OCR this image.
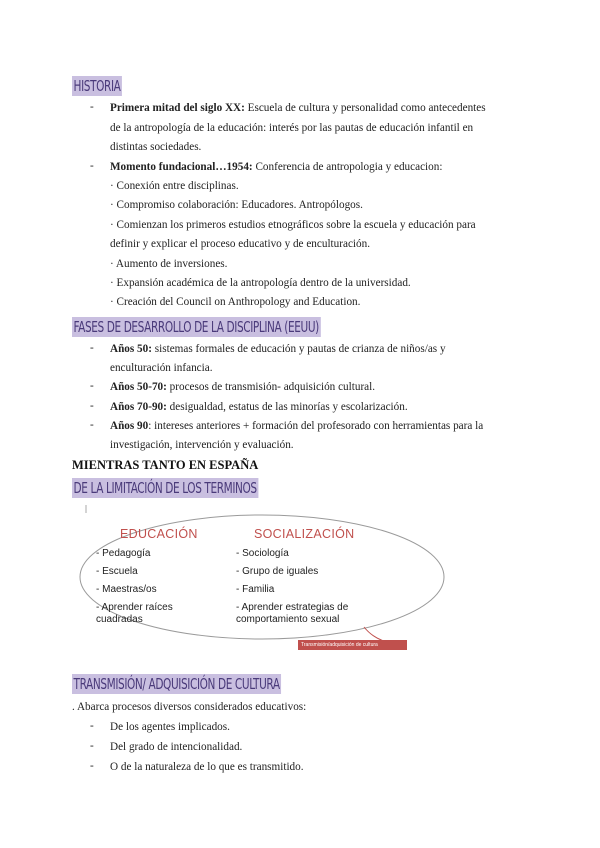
HISTORIA
- Primera mitad del siglo XX: Escuela de cultura y personalidad como antecedentes
de la antropología de la educación: interés por las pautas de educación infantil en
distintas sociedades.
- Momento fundacional…1954: Conferencia de antropologia y educacion:
· Conexión entre disciplinas.
· Compromiso colaboración: Educadores. Antropólogos.
· Comienzan los primeros estudios etnográficos sobre la escuela y educación para
definir y explicar el proceso educativo y de enculturación.
· Aumento de inversiones.
· Expansión académica de la antropología dentro de la universidad.
· Creación del Council on Anthropology and Education.
FASES DE DESARROLLO DE LA DISCIPLINA (EEUU)
- Años 50: sistemas formales de educación y pautas de crianza de niños/as y
enculturación infancia.
- Años 50-70: procesos de transmisión- adquisición cultural.
- Años 70-90: desigualdad, estatus de las minorías y escolarización.
- Años 90: intereses anteriores + formación del profesorado con herramientas para la
investigación, intervención y evaluación.
MIENTRAS TANTO EN ESPAÑA
DE LA LIMITACIÓN DE LOS TERMINOS
EDUCACIÓN
- Pedagogía
- Escuela
- Maestras/os
- Aprender raíces
cuadradas
SOCIALIZACIÓN
- Sociología
- Grupo de iguales
- Familia
- Aprender estrategias de
comportamiento sexual
Transmisión/adquisición de cultura
TRANSMISIÓN/ ADQUISICIÓN DE CULTURA
. Abarca procesos diversos considerados educativos:
- De los agentes implicados.
- Del grado de intencionalidad.
- O de la naturaleza de lo que es transmitido.
